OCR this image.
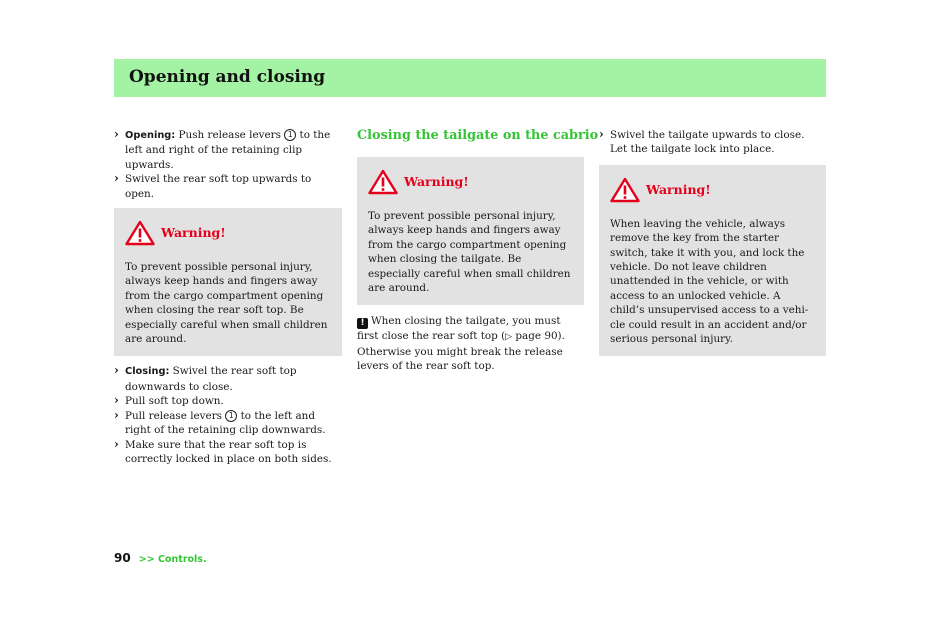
Opening and closing
› Opening: Push release levers 1 to the left and right of the retaining clip upwards.
› Swivel the rear soft top upwards to open.
Warning!
To prevent possible personal injury, always keep hands and fingers away from the cargo compartment opening when closing the rear soft top. Be especially careful when small children are around.
› Closing: Swivel the rear soft top downwards to close.
› Pull soft top down.
› Pull release levers 1 to the left and right of the retaining clip downwards.
› Make sure that the rear soft top is correctly locked in place on both sides.
Closing the tailgate on the cabrio
Warning!
To prevent possible personal injury, always keep hands and fingers away from the cargo compartment opening when closing the tailgate. Be especially careful when small children are around.
! When closing the tailgate, you must first close the rear soft top (▷ page 90). Otherwise you might break the release levers of the rear soft top.
› Swivel the tailgate upwards to close.
Let the tailgate lock into place.
Warning!
When leaving the vehicle, always remove the key from the starter switch, take it with you, and lock the vehicle. Do not leave children unattended in the vehicle, or with access to an unlocked vehicle. A child’s unsupervised access to a vehi-cle could result in an accident and/or serious personal injury.
90 >> Controls.
